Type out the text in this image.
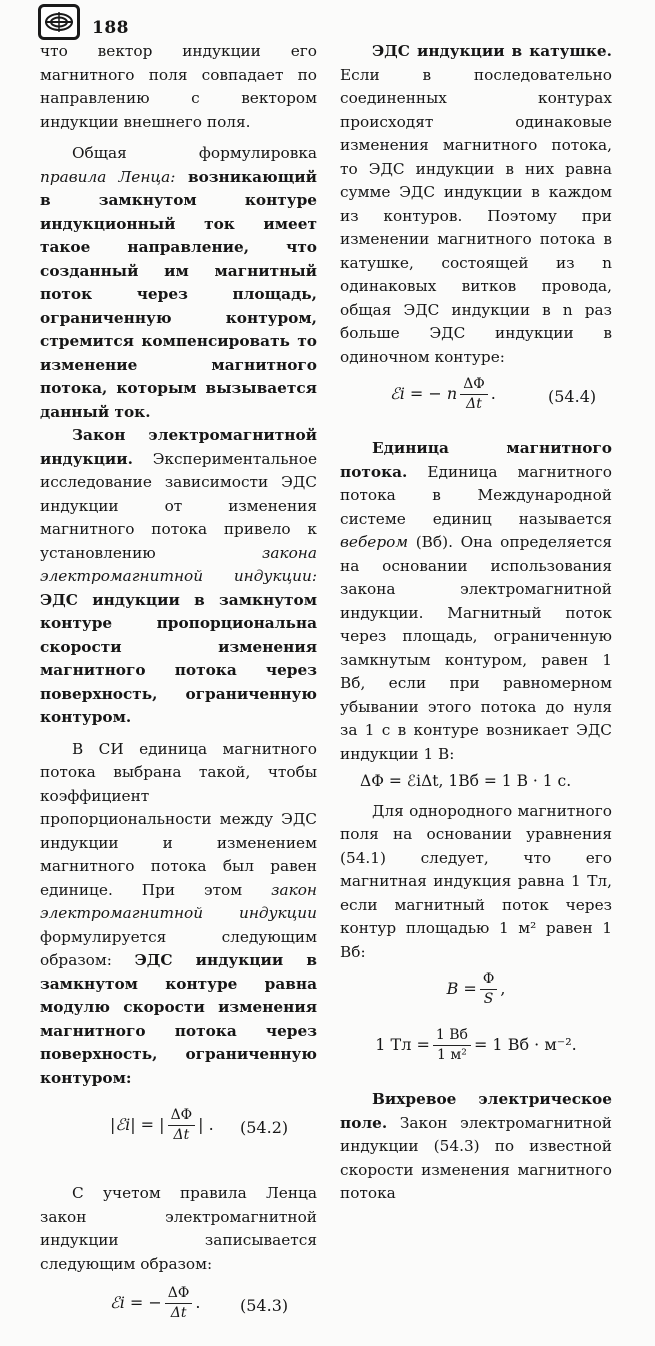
188

что вектор индукции его магнитного поля совпадает по направлению с вектором индукции внешнего поля.

Общая формулировка правила Ленца: возникающий в замкнутом контуре индукционный ток имеет такое направление, что созданный им магнитный поток через площадь, ограниченную контуром, стремится компенсировать то изменение магнитного потока, которым вызывается данный ток.

Закон электромагнитной индукции. Экспериментальное исследование зависимости ЭДС индукции от изменения магнитного потока привело к установлению закона электромагнитной индукции: ЭДС индукции в замкнутом контуре пропорциональна скорости изменения магнитного потока через поверхность, ограниченную контуром.

В СИ единица магнитного потока выбрана такой, чтобы коэффициент пропорциональности между ЭДС индукции и изменением магнитного потока был равен единице. При этом закон электромагнитной индукции формулируется следующим образом: ЭДС индукции в замкнутом контуре равна модулю скорости изменения магнитного потока через поверхность, ограниченную контуром:

|ℰi| = | $\frac{\Delta\Phi}{\Delta t}$ | . (54.2)

С учетом правила Ленца закон электромагнитной индукции записывается следующим образом:

ℰi = − $\frac{\Delta\Phi}{\Delta t}$ . (54.3)

ЭДС индукции в катушке. Если в последовательно соединенных контурах происходят одинаковые изменения магнитного потока, то ЭДС индукции в них равна сумме ЭДС индукции в каждом из контуров. Поэтому при изменении магнитного потока в катушке, состоящей из n одинаковых витков провода, общая ЭДС индукции в n раз больше ЭДС индукции в одиночном контуре:

ℰi = − n $\frac{\Delta\Phi}{\Delta t}$ .	(54.4)

Единица магнитного потока. Единица магнитного потока в Международной системе единиц называется вебером (Вб). Она определяется на основании использования закона электромагнитной индукции. Магнитный поток через площадь, ограниченную замкнутым контуром, равен 1 Вб, если при равномерном убывании этого потока до нуля за 1 с в контуре возникает ЭДС индукции 1 В:

ΔΦ = ℰiΔt, 1Вб = 1 В · 1 с.

Для однородного магнитного поля на основании уравнения (54.1) следует, что его магнитная индукция равна 1 Тл, если магнитный поток через контур площадью 1 м² равен 1 Вб:

$B = \frac{\Phi}{S}$ ,
1 Тл = $\frac{1 Вб}{\text{1 м²}} = 1$ Вб · м⁻².

Вихревое электрическое поле. Закон электромагнитной индукции (54.3) по известной скорости изменения магнитного потока
